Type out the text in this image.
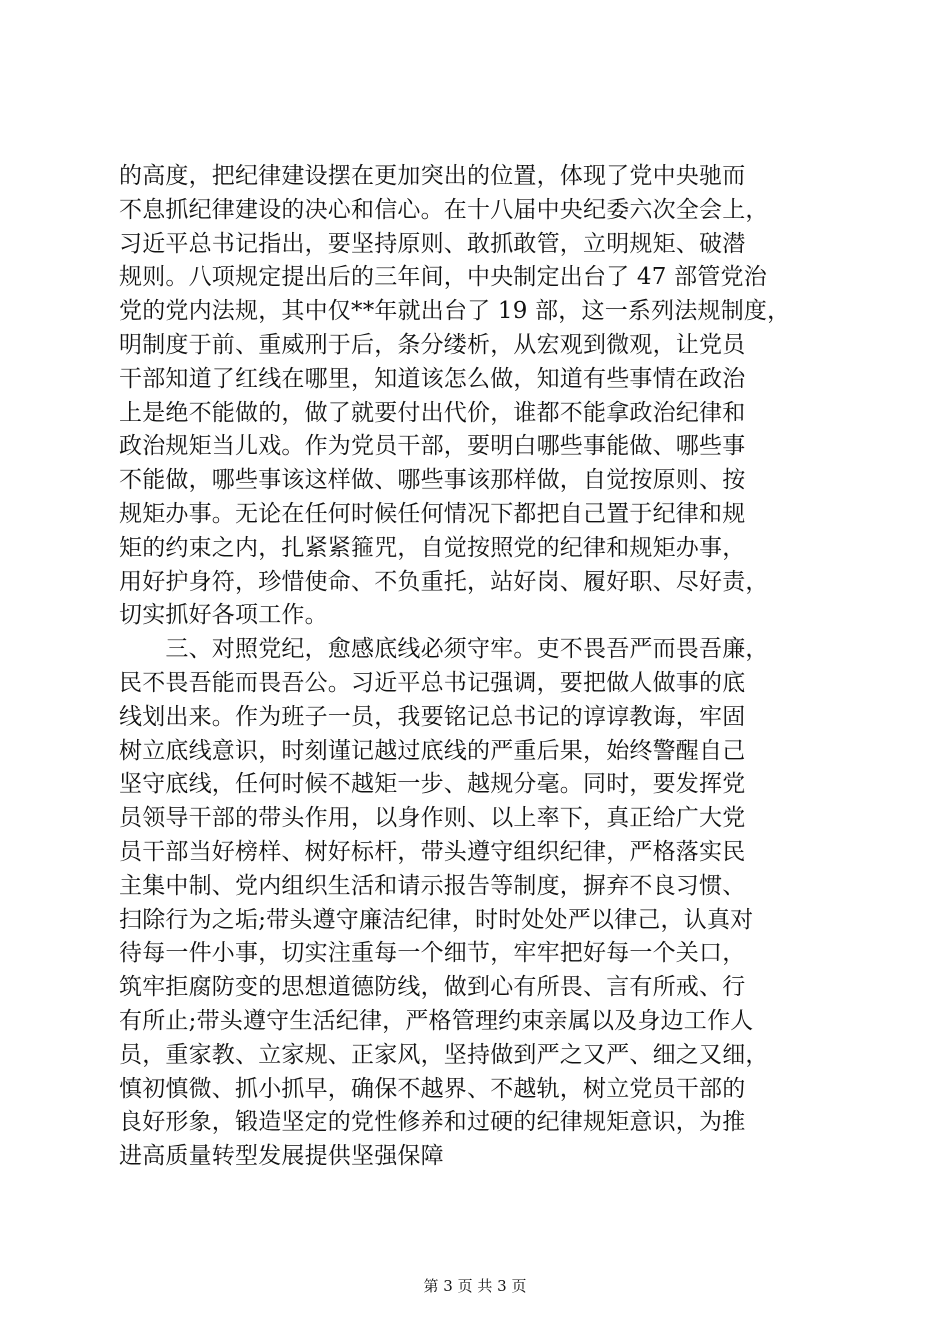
的高度，把纪律建设摆在更加突出的位置，体现了党中央驰而
不息抓纪律建设的决心和信心。在十八届中央纪委六次全会上，
习近平总书记指出，要坚持原则、敢抓敢管，立明规矩、破潜
规则。八项规定提出后的三年间，中央制定出台了 47 部管党治
党的党内法规，其中仅**年就出台了 19 部，这一系列法规制度，
明制度于前、重威刑于后，条分缕析，从宏观到微观，让党员
干部知道了红线在哪里，知道该怎么做，知道有些事情在政治
上是绝不能做的，做了就要付出代价，谁都不能拿政治纪律和
政治规矩当儿戏。作为党员干部，要明白哪些事能做、哪些事
不能做，哪些事该这样做、哪些事该那样做，自觉按原则、按
规矩办事。无论在任何时候任何情况下都把自己置于纪律和规
矩的约束之内，扎紧紧箍咒，自觉按照党的纪律和规矩办事，
用好护身符，珍惜使命、不负重托，站好岗、履好职、尽好责，
切实抓好各项工作。
　　三、对照党纪，愈感底线必须守牢。吏不畏吾严而畏吾廉，
民不畏吾能而畏吾公。习近平总书记强调，要把做人做事的底
线划出来。作为班子一员，我要铭记总书记的谆谆教诲，牢固
树立底线意识，时刻谨记越过底线的严重后果，始终警醒自己
坚守底线，任何时候不越矩一步、越规分毫。同时，要发挥党
员领导干部的带头作用，以身作则、以上率下，真正给广大党
员干部当好榜样、树好标杆，带头遵守组织纪律，严格落实民
主集中制、党内组织生活和请示报告等制度，摒弃不良习惯、
扫除行为之垢;带头遵守廉洁纪律，时时处处严以律己，认真对
待每一件小事，切实注重每一个细节，牢牢把好每一个关口，
筑牢拒腐防变的思想道德防线，做到心有所畏、言有所戒、行
有所止;带头遵守生活纪律，严格管理约束亲属以及身边工作人
员，重家教、立家规、正家风，坚持做到严之又严、细之又细，
慎初慎微、抓小抓早，确保不越界、不越轨，树立党员干部的
良好形象，锻造坚定的党性修养和过硬的纪律规矩意识，为推
进高质量转型发展提供坚强保障
第 3 页 共 3 页
